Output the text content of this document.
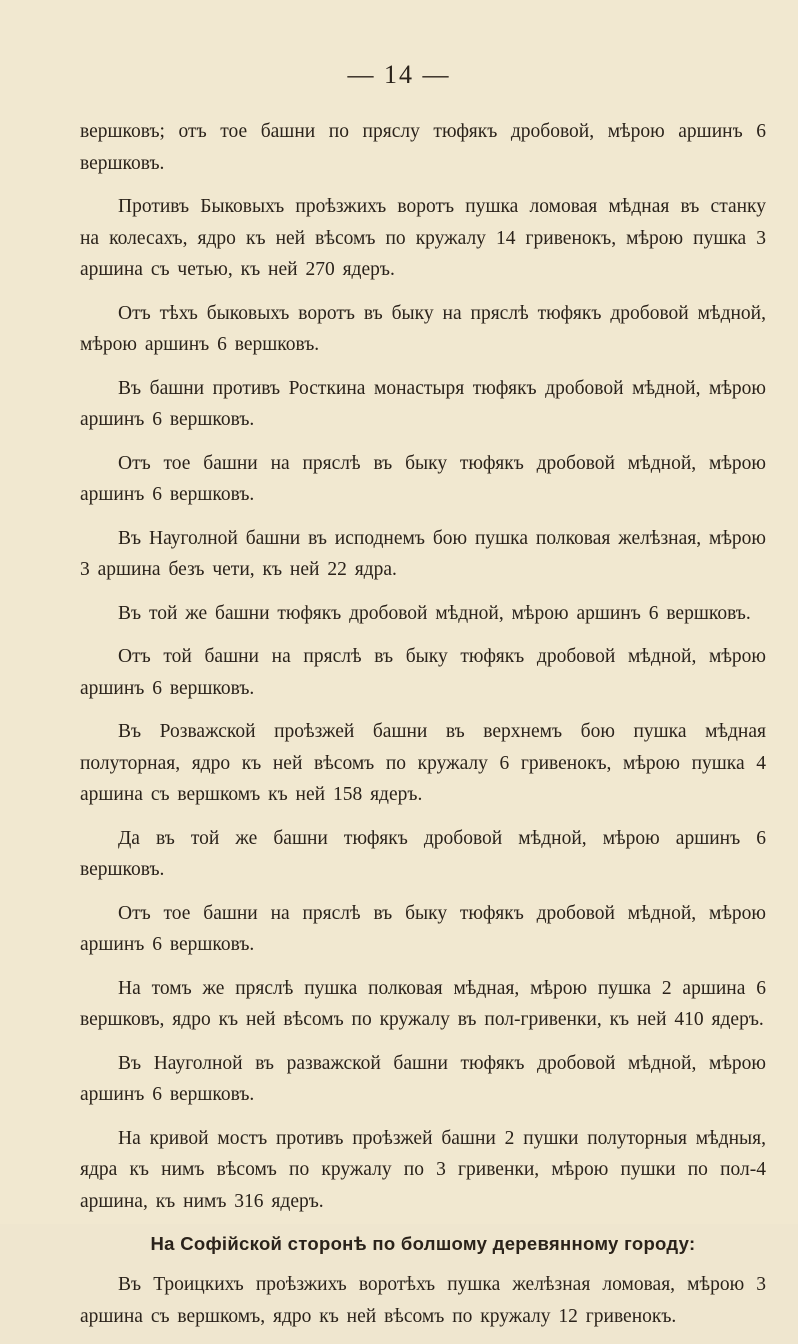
— 14 —

вершковъ; отъ тое башни по пряслу тюфякъ дробовой, мѣрою аршинъ 6 вершковъ.

Противъ Быковыхъ проѣзжихъ воротъ пушка ломовая мѣдная въ станку на колесахъ, ядро къ ней вѣсомъ по кружалу 14 гривенокъ, мѣрою пушка 3 аршина съ четью, къ ней 270 ядеръ.

Отъ тѣхъ быковыхъ воротъ въ быку на пряслѣ тюфякъ дробовой мѣдной, мѣрою аршинъ 6 вершковъ.

Въ башни противъ Росткина монастыря тюфякъ дробовой мѣдной, мѣрою аршинъ 6 вершковъ.

Отъ тое башни на пряслѣ въ быку тюфякъ дробовой мѣдной, мѣрою аршинъ 6 вершковъ.

Въ Науголной башни въ исподнемъ бою пушка полковая желѣзная, мѣрою 3 аршина безъ чети, къ ней 22 ядра.

Въ той же башни тюфякъ дробовой мѣдной, мѣрою аршинъ 6 вершковъ.

Отъ той башни на пряслѣ въ быку тюфякъ дробовой мѣдной, мѣрою аршинъ 6 вершковъ.

Въ Розважской проѣзжей башни въ верхнемъ бою пушка мѣдная полуторная, ядро къ ней вѣсомъ по кружалу 6 гривенокъ, мѣрою пушка 4 аршина съ вершкомъ къ ней 158 ядеръ.

Да въ той же башни тюфякъ дробовой мѣдной, мѣрою аршинъ 6 вершковъ.

Отъ тое башни на пряслѣ въ быку тюфякъ дробовой мѣдной, мѣрою аршинъ 6 вершковъ.

На томъ же пряслѣ пушка полковая мѣдная, мѣрою пушка 2 аршина 6 вершковъ, ядро къ ней вѣсомъ по кружалу въ пол-гривенки, къ ней 410 ядеръ.

Въ Науголной въ разважской башни тюфякъ дробовой мѣдной, мѣрою аршинъ 6 вершковъ.

На кривой мостъ противъ проѣзжей башни 2 пушки полуторныя мѣдныя, ядра къ нимъ вѣсомъ по кружалу по 3 гривенки, мѣрою пушки по пол-4 аршина, къ нимъ 316 ядеръ.

На Софійской сторонѣ по болшому деревянному городу:

Въ Троицкихъ проѣзжихъ воротѣхъ пушка желѣзная ломовая, мѣрою 3 аршина съ вершкомъ, ядро къ ней вѣсомъ по кружалу 12 гривенокъ.
